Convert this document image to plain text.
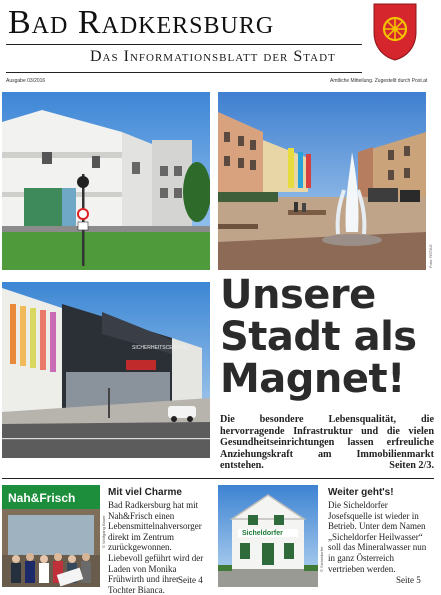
Bad Radkersburg
Das Informationsblatt der Stadt
Ausgabe 03/2016	Amtliche Mitteilung. Zugestellt durch Post.at
Foto: RSTAG
SICHERHEITSCENTER
Unsere
Stadt als
Magnet!
Die besondere Lebensqualität, die hervorragende Infrastruktur und die vielen Gesundheitseinrichtungen lassen erfreuliche Anziehungskraft am Immobilienmarkt entstehen.	Seiten 2/3.
Nah&Frisch
© Wolfgang Bauer
Mit viel Charme
Bad Radkersburg hat mit Nah&Frisch einen Lebensmittelnahversorger direkt im Zentrum zurückgewonnen. Liebevoll geführt wird der Laden von Monika Frühwirth und ihrer Tochter Bianca.
Seite 4
Sicheldorfer
© Sicheldorfer
Weiter geht's!
Die Sicheldorfer Josefsquelle ist wieder in Betrieb. Unter dem Namen „Sicheldorfer Heilwasser“ soll das Mineralwasser nun in ganz Österreich vertrieben werden.
Seite 5
